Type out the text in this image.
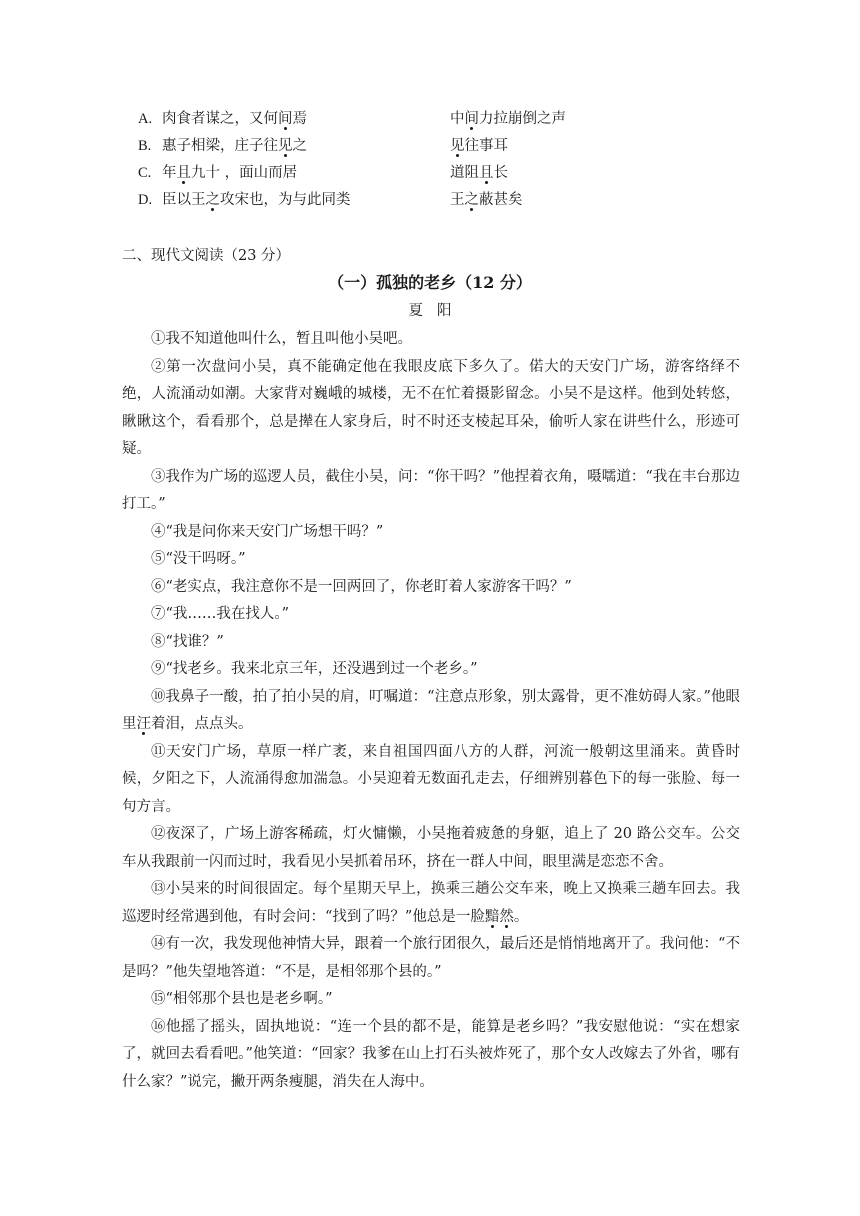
A. 肉食者谋之，又何间焉	中间力拉崩倒之声
B. 惠子相梁，庄子往见之	见往事耳
C. 年且九十 ，面山而居	道阻且长
D. 臣以王之攻宋也，为与此同类	王之蔽甚矣
二、现代文阅读（23 分）
（一）孤独的老乡（12 分）
夏阳

①我不知道他叫什么，暂且叫他小吴吧。

②第一次盘问小吴，真不能确定他在我眼皮底下多久了。偌大的天安门广场，游客络绎不绝，人流涌动如潮。大家背对巍峨的城楼，无不在忙着摄影留念。小吴不是这样。他到处转悠，瞅瞅这个，看看那个，总是撵在人家身后，时不时还支棱起耳朵，偷听人家在讲些什么，形迹可疑。

③我作为广场的巡逻人员，截住小吴，问：“你干吗？”他捏着衣角，嗫嚅道：“我在丰台那边打工。”

④“我是问你来天安门广场想干吗？”

⑤“没干吗呀。”

⑥“老实点，我注意你不是一回两回了，你老盯着人家游客干吗？”

⑦“我……我在找人。”

⑧“找谁？”

⑨“找老乡。我来北京三年，还没遇到过一个老乡。”

⑩我鼻子一酸，拍了拍小吴的肩，叮嘱道：“注意点形象，别太露骨，更不准妨碍人家。”他眼里汪着泪，点点头。

⑪天安门广场，草原一样广袤，来自祖国四面八方的人群，河流一般朝这里涌来。黄昏时候，夕阳之下，人流涌得愈加湍急。小吴迎着无数面孔走去，仔细辨别暮色下的每一张脸、每一句方言。

⑫夜深了，广场上游客稀疏，灯火慵懒，小吴拖着疲惫的身躯，追上了 20 路公交车。公交车从我跟前一闪而过时，我看见小吴抓着吊环，挤在一群人中间，眼里满是恋恋不舍。

⑬小吴来的时间很固定。每个星期天早上，换乘三趟公交车来，晚上又换乘三趟车回去。我巡逻时经常遇到他，有时会问：“找到了吗？”他总是一脸黯然。

⑭有一次，我发现他神情大异，跟着一个旅行团很久，最后还是悄悄地离开了。我问他：“不是吗？”他失望地答道：“不是，是相邻那个县的。”

⑮“相邻那个县也是老乡啊。”

⑯他摇了摇头，固执地说：“连一个县的都不是，能算是老乡吗？”我安慰他说：“实在想家了，就回去看看吧。”他笑道：“回家？我爹在山上打石头被炸死了，那个女人改嫁去了外省，哪有什么家？”说完，撇开两条瘦腿，消失在人海中。
